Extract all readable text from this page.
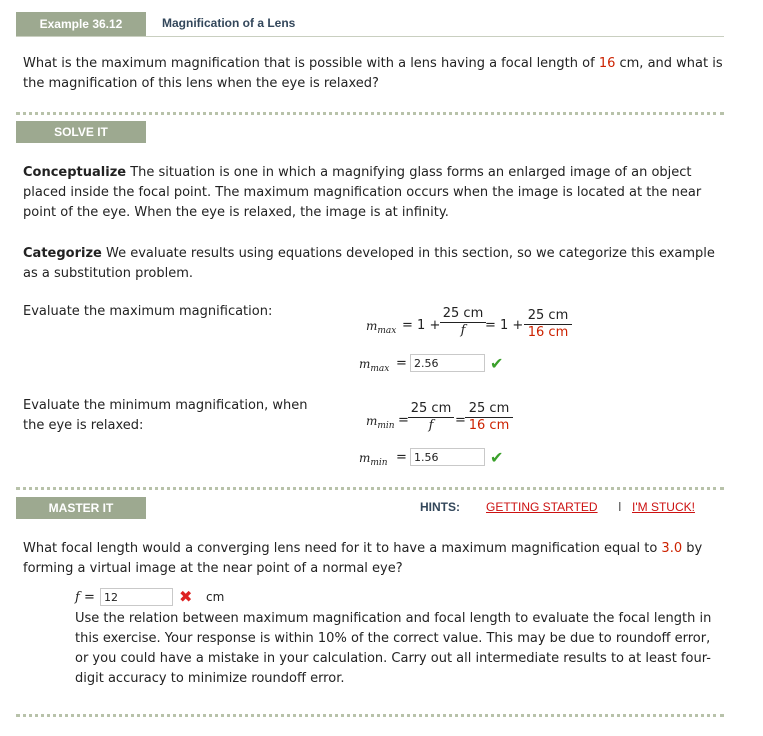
Example 36.12	Magnification of a Lens
What is the maximum magnification that is possible with a lens having a focal length of 16 cm, and what is the magnification of this lens when the eye is relaxed?
SOLVE IT
Conceptualize The situation is one in which a magnifying glass forms an enlarged image of an object placed inside the focal point. The maximum magnification occurs when the image is located at the near point of the eye. When the eye is relaxed, the image is at infinity.
Categorize We evaluate results using equations developed in this section, so we categorize this example as a substitution problem.
Evaluate the maximum magnification:
$m_{max} = 1 + \frac{25 cm}{f} = 1 + \frac{25 cm}{16 cm}$
$m_{max} = 2.56$	✔
Evaluate the minimum magnification, when the eye is relaxed:	$m_{min} = \frac{25 cm}{f} = \frac{25 cm}{16 cm}$
$m_{min} = 1.56$	✔
MASTER IT	HINTS: GETTING STARTED I I'M STUCK!
What focal length would a converging lens need for it to have a maximum magnification equal to 3.0 by forming a virtual image at the near point of a normal eye?
f = 12	✖ cm
Use the relation between maximum magnification and focal length to evaluate the focal length in this exercise. Your response is within 10% of the correct value. This may be due to roundoff error, or you could have a mistake in your calculation. Carry out all intermediate results to at least four-digit accuracy to minimize roundoff error.
